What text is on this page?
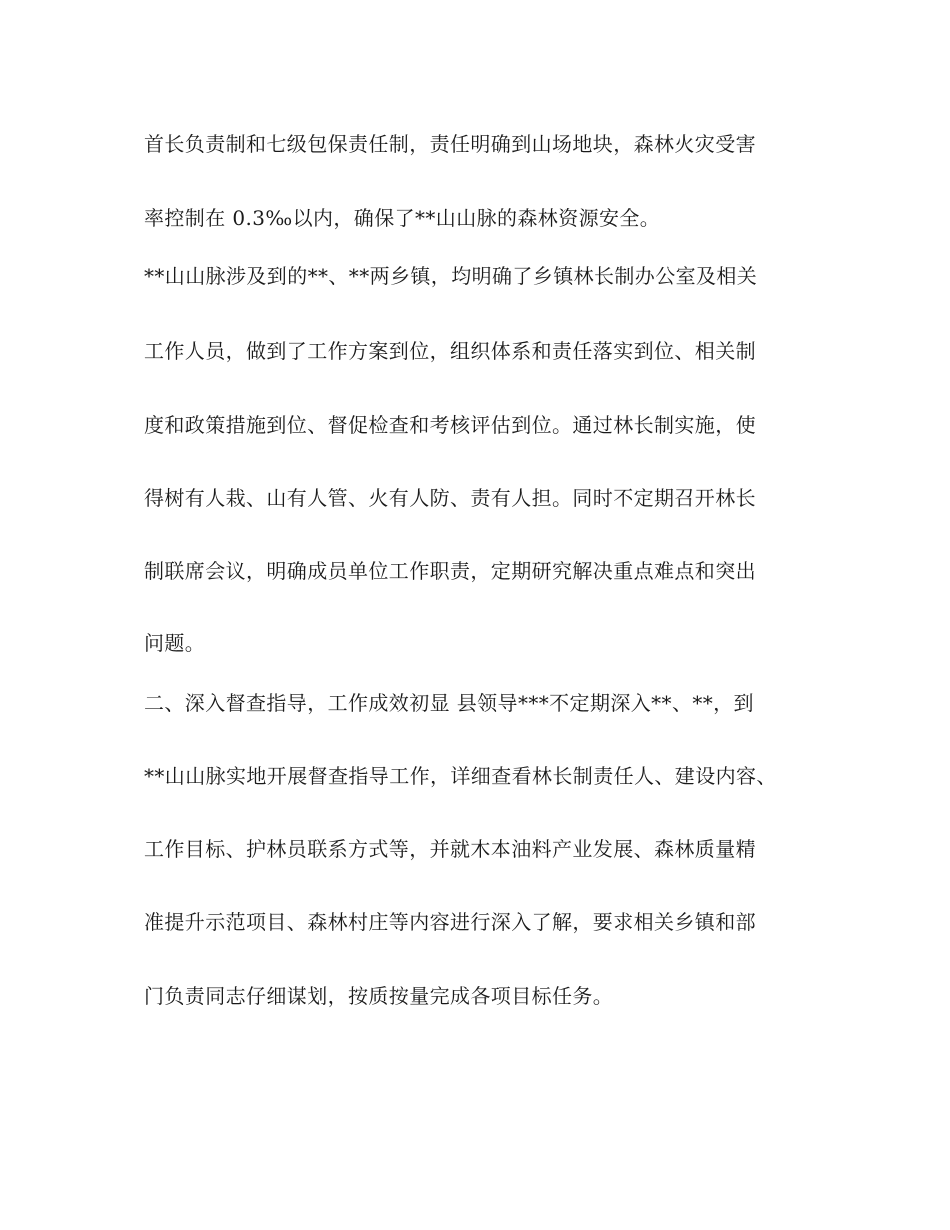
首长负责制和七级包保责任制，责任明确到山场地块，森林火灾受害

率控制在 0.3‰以内，确保了**山山脉的森林资源安全。

**山山脉涉及到的**、**两乡镇，均明确了乡镇林长制办公室及相关

工作人员，做到了工作方案到位，组织体系和责任落实到位、相关制

度和政策措施到位、督促检查和考核评估到位。通过林长制实施，使

得树有人栽、山有人管、火有人防、责有人担。同时不定期召开林长

制联席会议，明确成员单位工作职责，定期研究解决重点难点和突出

问题。

二、深入督查指导，工作成效初显 县领导***不定期深入**、**，到

**山山脉实地开展督查指导工作，详细查看林长制责任人、建设内容、

工作目标、护林员联系方式等，并就木本油料产业发展、森林质量精

准提升示范项目、森林村庄等内容进行深入了解，要求相关乡镇和部

门负责同志仔细谋划，按质按量完成各项目标任务。
